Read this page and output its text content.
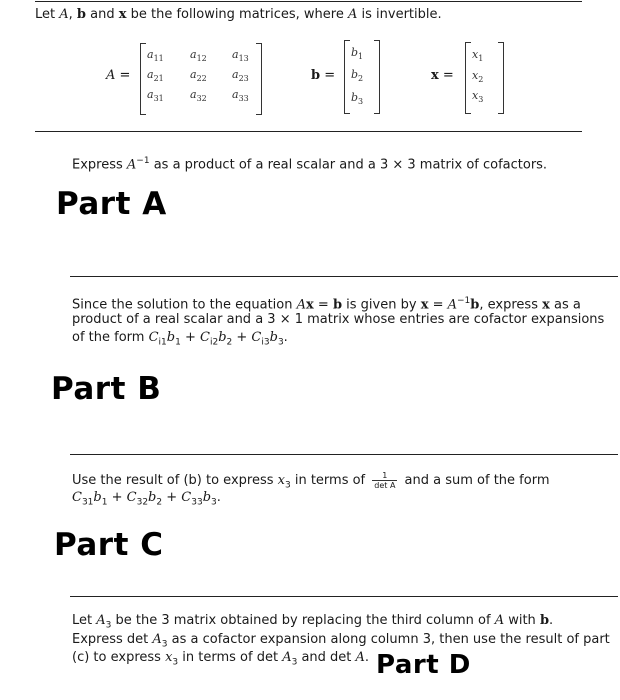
Let A, b and x be the following matrices, where A is invertible.
A =
$a_{11}$ $a_{12}$ $a_{13}$
$a_{21}$ $a_{22}$ $a_{23}$
$a_{31}$ $a_{32}$ $a_{33}$
b =
$b_1$
$b_2$
$b_3$
x =
$x_1$
$x_2$
$x_3$
Express $A^{-1}$ as a product of a real scalar and a 3 × 3 matrix of cofactors.
Part A
Since the solution to the equation Ax = b is given by $x = A^{-1}b$, express x as a
product of a real scalar and a 3 × 1 matrix whose entries are cofactor expansions
of the form $C_{i1}b_1 + C_{i2}b_2 + C_{i3}b_3$.
Part B
Use the result of (b) to express $x_3$ in terms of $\frac{1}{\text{det A}}$ and a sum of the form
$C_{31}b_1 + C_{32}b_2 + C_{33}b_3$.
Part C
Let $A_3$ be the 3 matrix obtained by replacing the third column of A with b.
Express $\det A_3$ as a cofactor expansion along column 3, then use the result of part
(c) to express $x_3$ in terms of $\det A_3$ and det A. Part D
